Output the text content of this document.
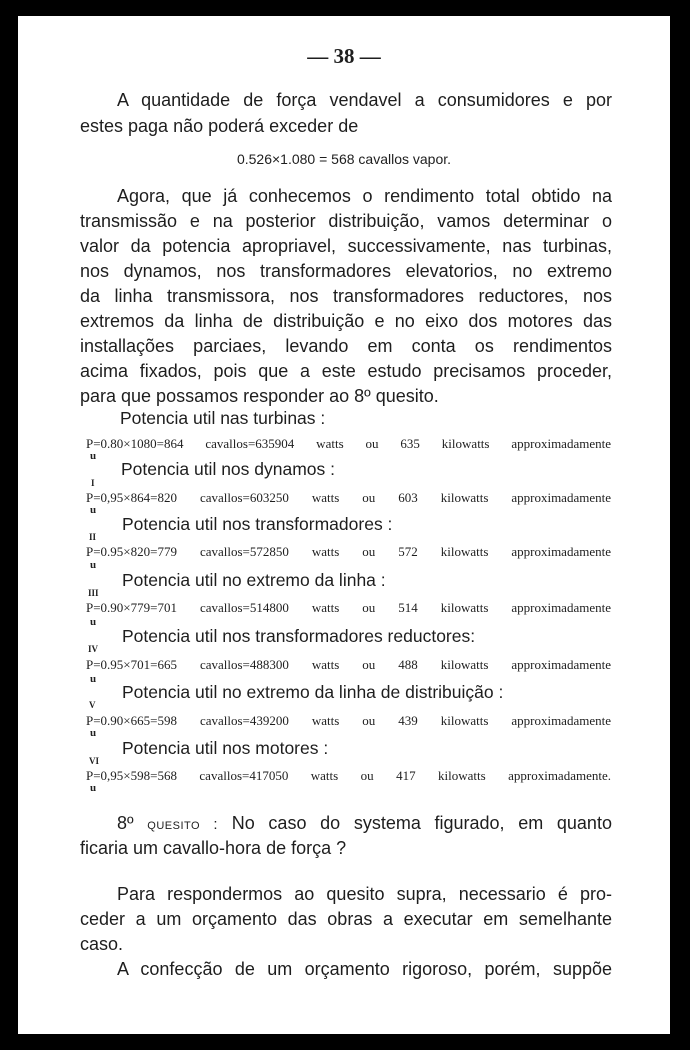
— 38 —
A quantidade de força vendavel a consumidores e por
estes paga não poderá exceder de
0.526×1.080 = 568 cavallos vapor.
Agora, que já conhecemos o rendimento total obtido na
transmissão e na posterior distribuição, vamos determinar o
valor da potencia apropriavel, successivamente, nas turbinas,
nos dynamos, nos transformadores elevatorios, no extremo
da linha transmissora, nos transformadores reductores, nos
extremos da linha de distribuição e no eixo dos motores das
installações parciaes, levando em conta os rendimentos
acima fixados, pois que a este estudo precisamos proceder,
para que possamos responder ao 8º quesito.
Potencia util nas turbinas :
P=0.80×1080=864 cavallos=635904 watts ou 635 kilowatts approximadamente
u
I
Potencia util nos dynamos :
P=0,95×864=820 cavallos=603250 watts ou 603 kilowatts approximadamente
u
II
Potencia util nos transformadores :
P=0.95×820=779 cavallos=572850 watts ou 572 kilowatts approximadamente
u
III
Potencia util no extremo da linha :
P=0.90×779=701 cavallos=514800 watts ou 514 kilowatts approximadamente
u
IV
Potencia util nos transformadores reductores:
P=0.95×701=665 cavallos=488300 watts ou 488 kilowatts approximadamente
u
V
Potencia util no extremo da linha de distribuição :
P=0.90×665=598 cavallos=439200 watts ou 439 kilowatts approximadamente
u
VI
Potencia util nos motores :
P=0,95×598=568 cavallos=417050 watts ou 417 kilowatts approximadamente.
u
8º quesito : No caso do systema figurado, em quanto
ficaria um cavallo-hora de força ?
Para respondermos ao quesito supra, necessario é pro-
ceder a um orçamento das obras a executar em semelhante
caso.
A confecção de um orçamento rigoroso, porém, suppõe
